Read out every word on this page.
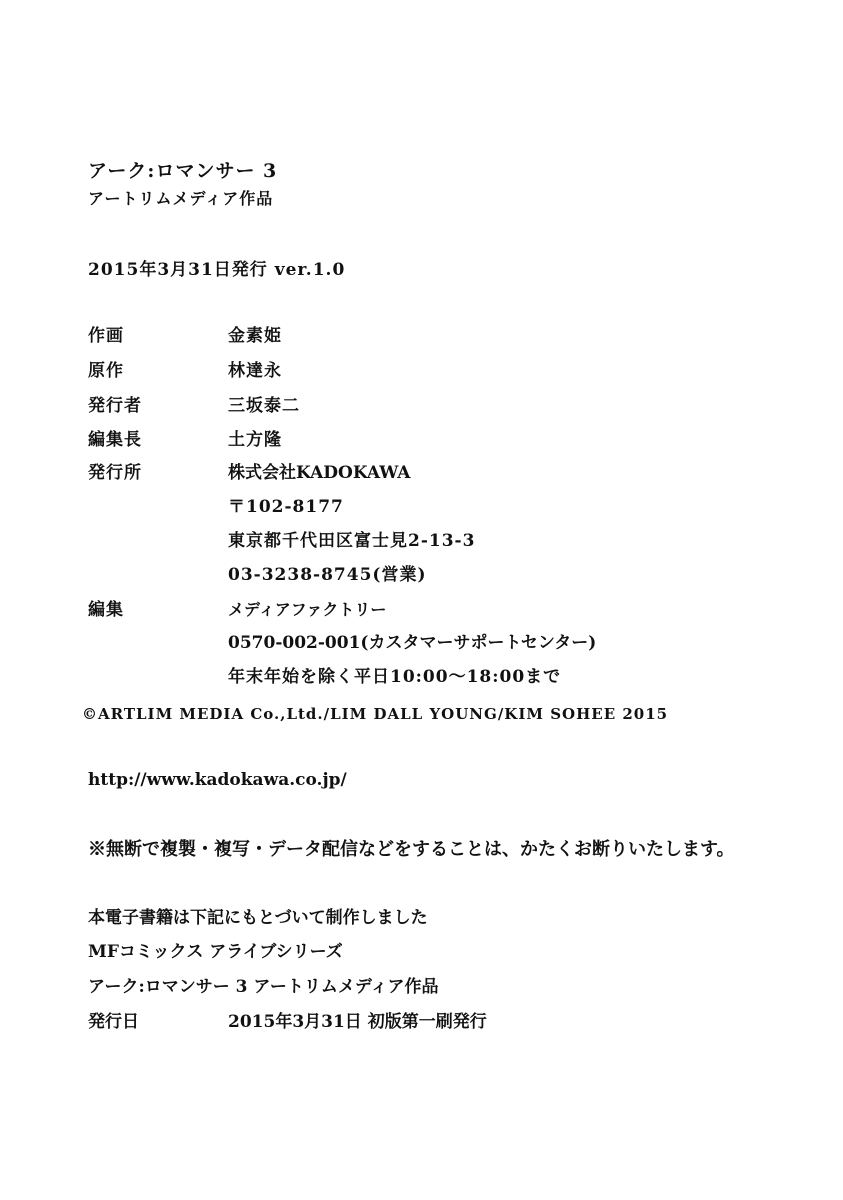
アーク:ロマンサー 3
アートリムメディア作品
2015年3月31日発行 ver.1.0
作画	金素姫
原作	林達永
発行者	三坂泰二
編集長	土方隆
発行所	株式会社KADOKAWA
〒102-8177
東京都千代田区富士見2-13-3
03-3238-8745(営業)
編集	メディアファクトリー
0570-002-001(カスタマーサポートセンター)
年末年始を除く平日10:00〜18:00まで
©ARTLIM MEDIA Co.,Ltd./LIM DALL YOUNG/KIM SOHEE 2015
http://www.kadokawa.co.jp/
※無断で複製・複写・データ配信などをすることは、かたくお断りいたします。
本電子書籍は下記にもとづいて制作しました
MFコミックス アライブシリーズ
アーク:ロマンサー 3 アートリムメディア作品
発行日	2015年3月31日 初版第一刷発行
